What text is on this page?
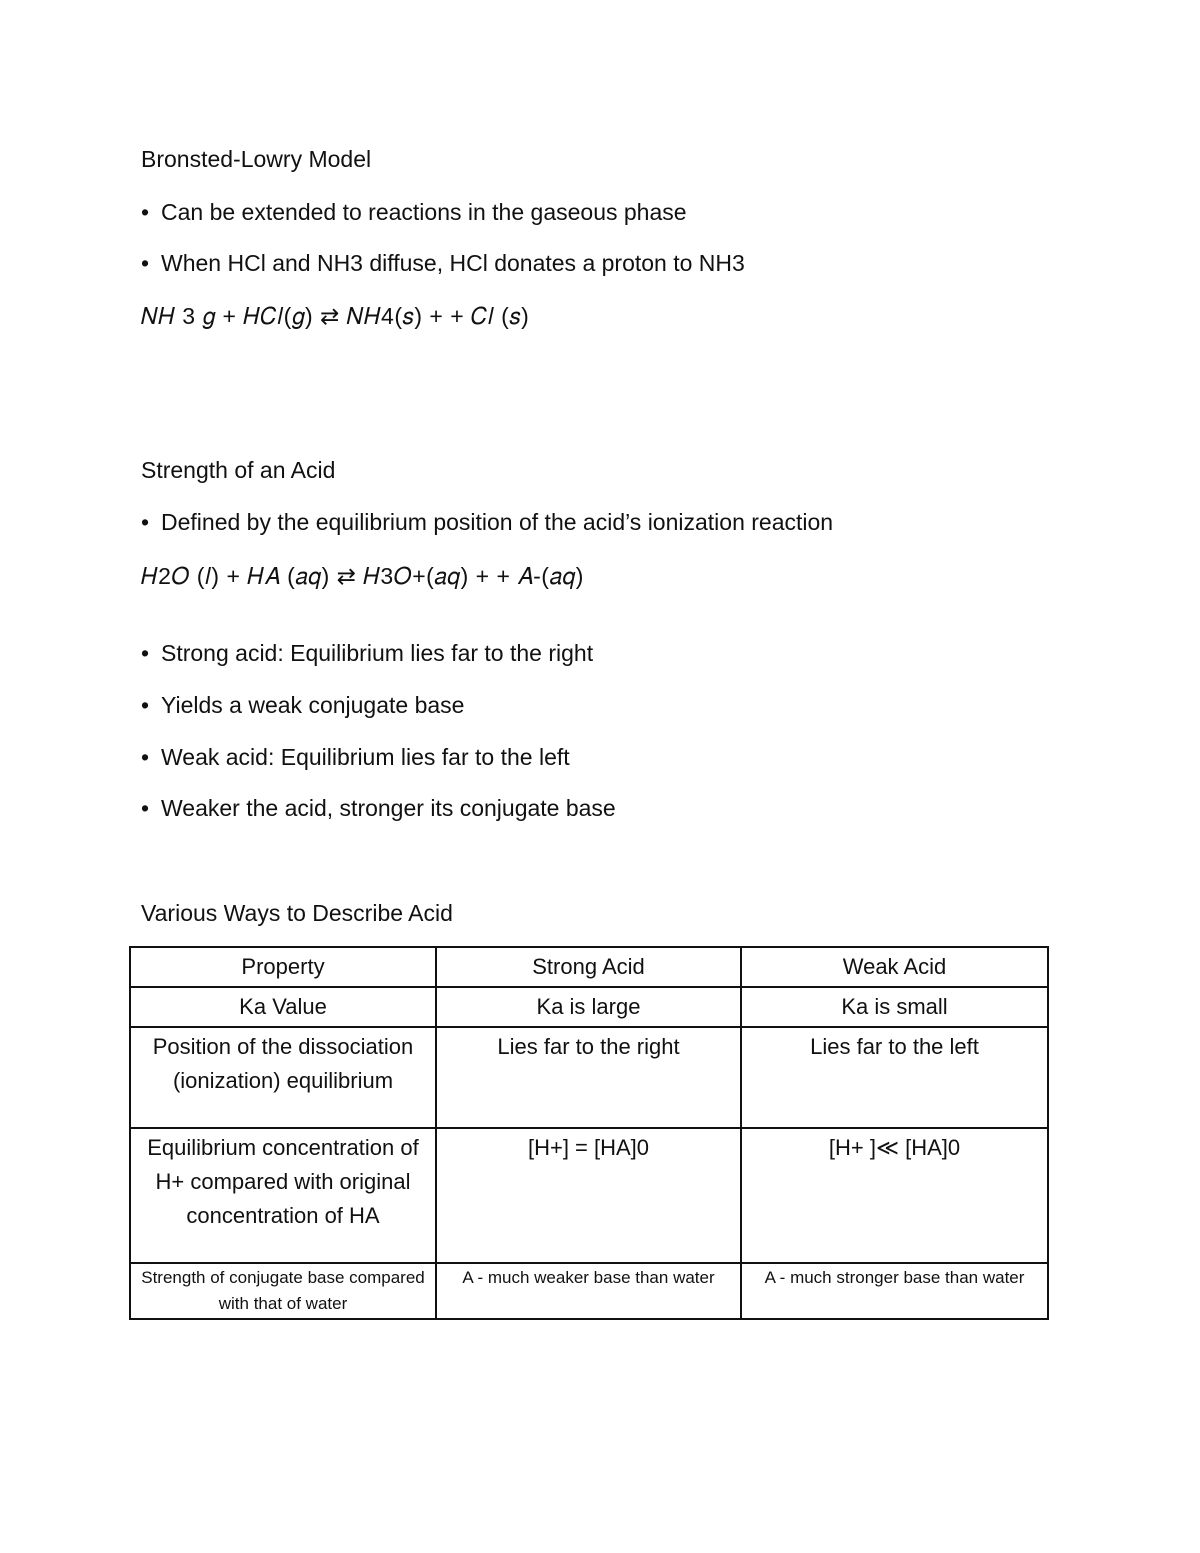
Bronsted-Lowry Model
• Can be extended to reactions in the gaseous phase
• When HCl and NH3 diffuse, HCl donates a proton to NH3
𝑁𝐻 3 𝑔 + 𝐻𝐶𝑙(𝑔) ⇄ 𝑁𝐻4(𝑠) + + 𝐶𝑙 (𝑠)
Strength of an Acid
• Defined by the equilibrium position of the acid’s ionization reaction
𝐻2𝑂 (𝑙) + 𝐻𝐴 (𝑎𝑞) ⇄ 𝐻3𝑂+(𝑎𝑞) + + 𝐴-(𝑎𝑞)
• Strong acid: Equilibrium lies far to the right
• Yields a weak conjugate base
• Weak acid: Equilibrium lies far to the left
• Weaker the acid, stronger its conjugate base
Various Ways to Describe Acid
Property	Strong Acid	Weak Acid
Ka Value	Ka is large	Ka is small
Position of the dissociation (ionization) equilibrium	Lies far to the right	Lies far to the left
Equilibrium concentration of H+ compared with original concentration of HA	[H+] = [HA]0	[H+ ]≪ [HA]0
Strength of conjugate base compared with that of water	A - much weaker base than water	A - much stronger base than water
